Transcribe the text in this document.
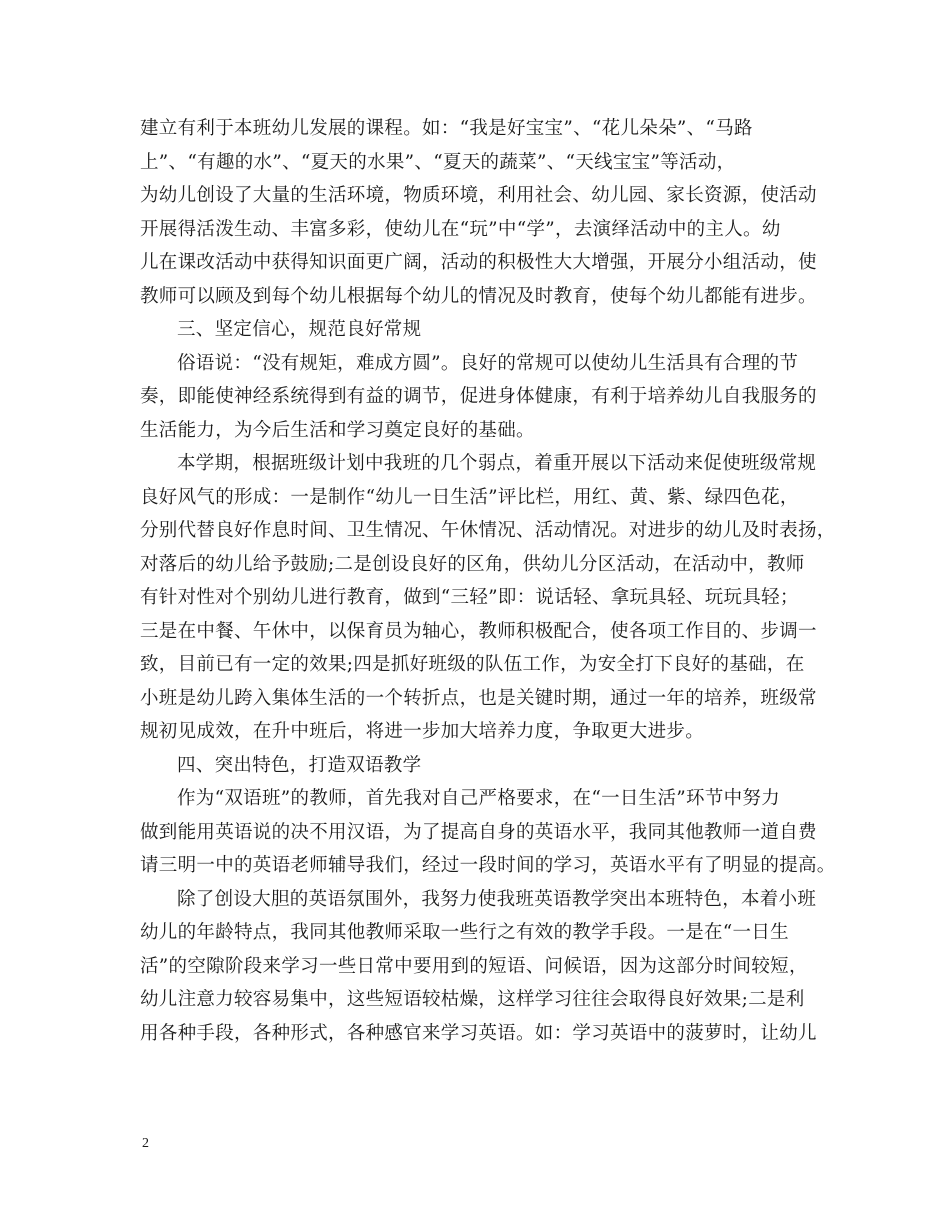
建立有利于本班幼儿发展的课程。如：“我是好宝宝”、“花儿朵朵”、“马路
上”、“有趣的水”、“夏天的水果”、“夏天的蔬菜”、“天线宝宝”等活动，
为幼儿创设了大量的生活环境，物质环境，利用社会、幼儿园、家长资源，使活动
开展得活泼生动、丰富多彩，使幼儿在“玩”中“学”，去演绎活动中的主人。幼
儿在课改活动中获得知识面更广阔，活动的积极性大大增强，开展分小组活动，使
教师可以顾及到每个幼儿根据每个幼儿的情况及时教育，使每个幼儿都能有进步。
三、坚定信心，规范良好常规
俗语说：“没有规矩，难成方圆”。良好的常规可以使幼儿生活具有合理的节
奏，即能使神经系统得到有益的调节，促进身体健康，有利于培养幼儿自我服务的
生活能力，为今后生活和学习奠定良好的基础。
本学期，根据班级计划中我班的几个弱点，着重开展以下活动来促使班级常规
良好风气的形成：一是制作“幼儿一日生活”评比栏，用红、黄、紫、绿四色花，
分别代替良好作息时间、卫生情况、午休情况、活动情况。对进步的幼儿及时表扬，
对落后的幼儿给予鼓励;二是创设良好的区角，供幼儿分区活动，在活动中，教师
有针对性对个别幼儿进行教育，做到“三轻”即：说话轻、拿玩具轻、玩玩具轻；
三是在中餐、午休中，以保育员为轴心，教师积极配合，使各项工作目的、步调一
致，目前已有一定的效果;四是抓好班级的队伍工作，为安全打下良好的基础，在
小班是幼儿跨入集体生活的一个转折点，也是关键时期，通过一年的培养，班级常
规初见成效，在升中班后，将进一步加大培养力度，争取更大进步。
四、突出特色，打造双语教学
作为“双语班”的教师，首先我对自己严格要求，在“一日生活”环节中努力
做到能用英语说的决不用汉语，为了提高自身的英语水平，我同其他教师一道自费
请三明一中的英语老师辅导我们，经过一段时间的学习，英语水平有了明显的提高。
除了创设大胆的英语氛围外，我努力使我班英语教学突出本班特色，本着小班
幼儿的年龄特点，我同其他教师采取一些行之有效的教学手段。一是在“一日生
活”的空隙阶段来学习一些日常中要用到的短语、问候语，因为这部分时间较短，
幼儿注意力较容易集中，这些短语较枯燥，这样学习往往会取得良好效果;二是利
用各种手段，各种形式，各种感官来学习英语。如：学习英语中的菠萝时，让幼儿
2
